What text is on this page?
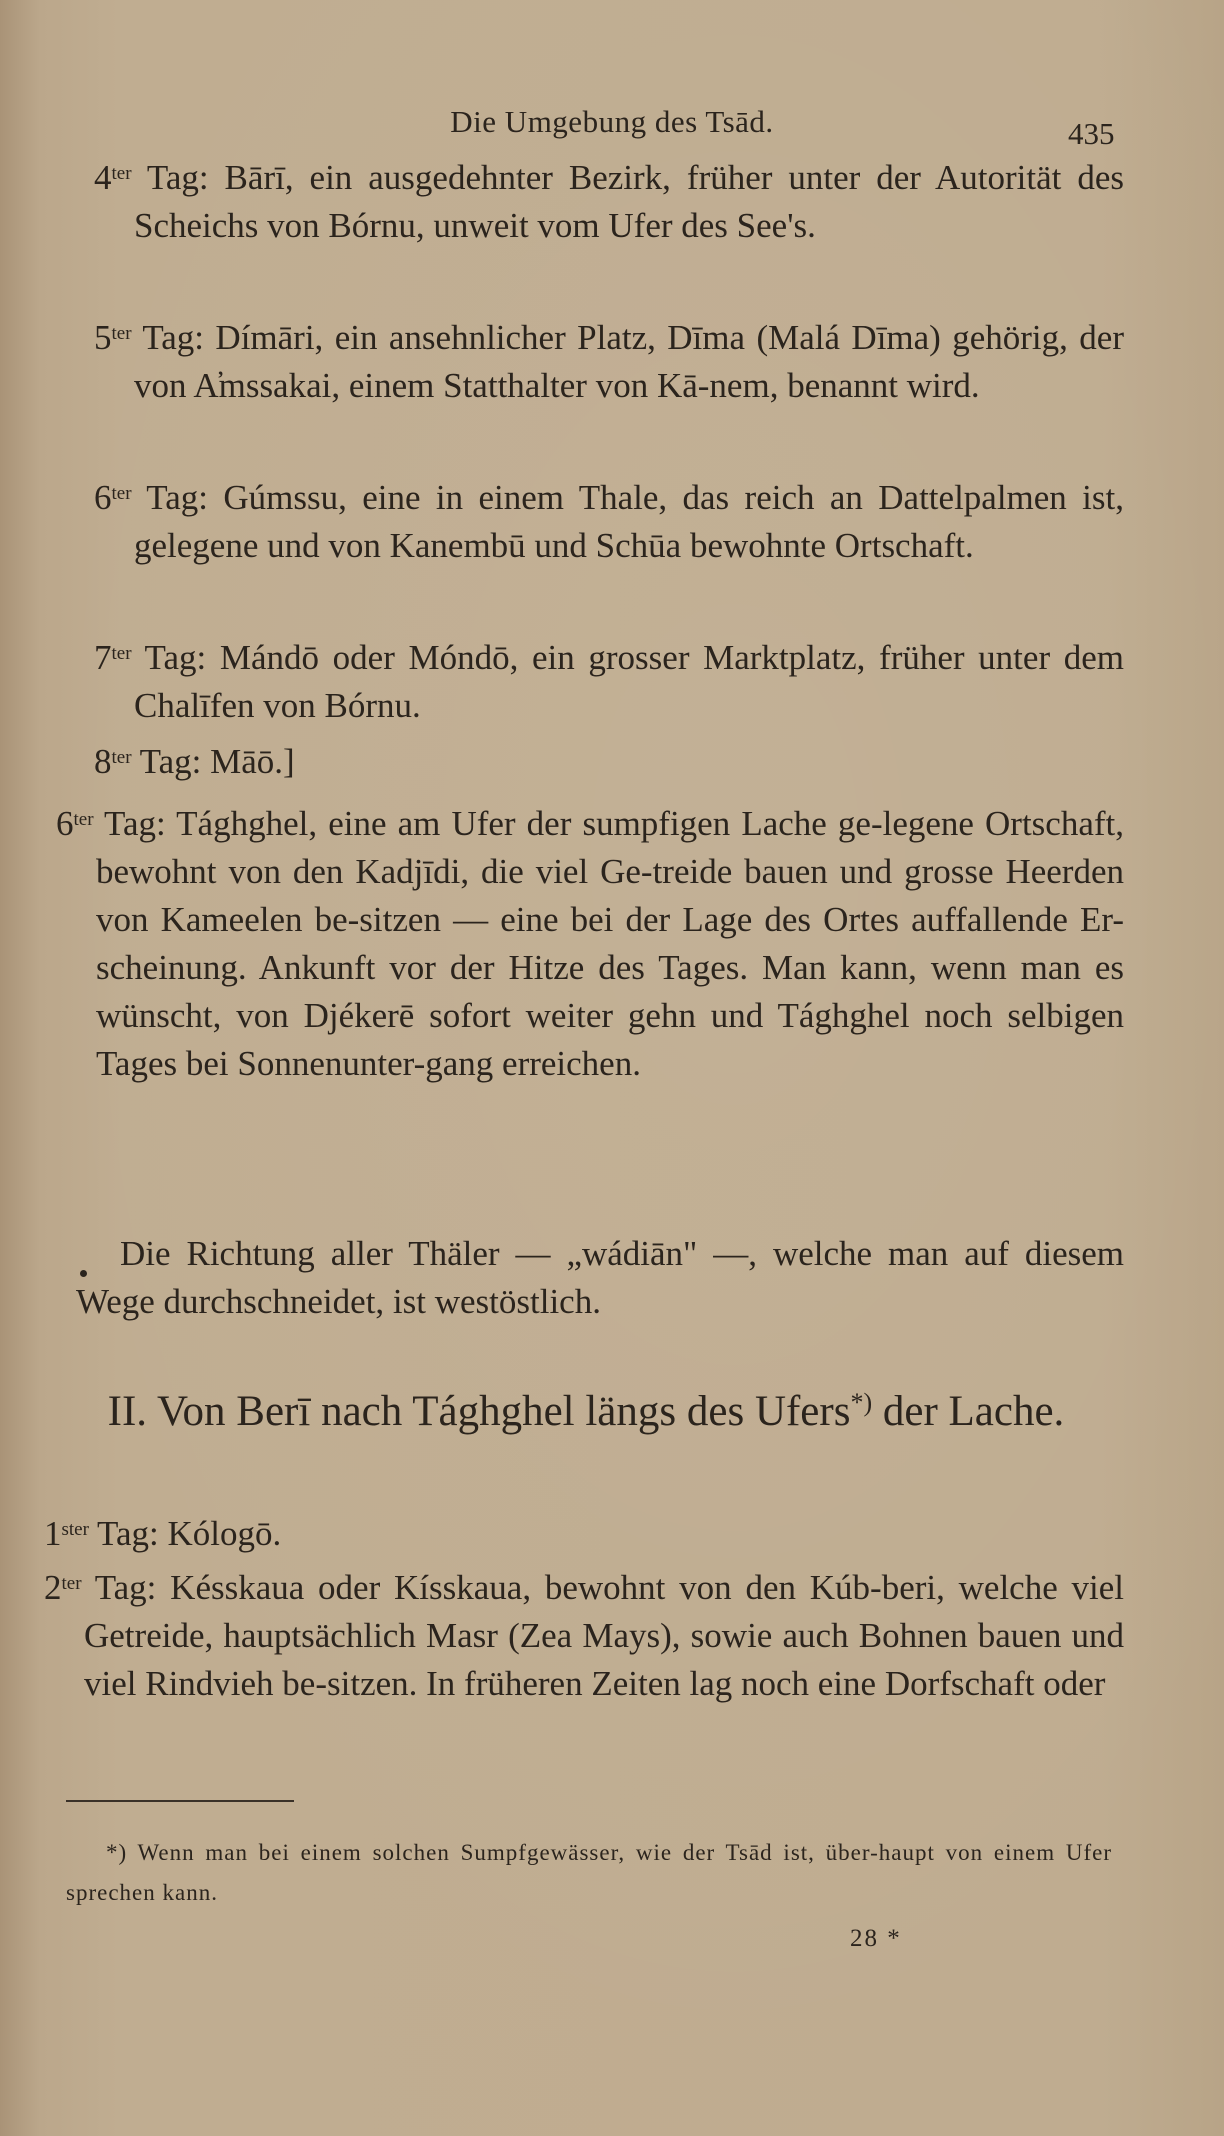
Die Umgebung des Tsād.	435

$4^{ter}$ Tag: Bārī, ein ausgedehnter Bezirk, früher unter der Autorität des Scheichs von Bórnu, unweit vom Ufer des See's.

$5^{ter}$ Tag: Dímāri, ein ansehnlicher Platz, Dīma (Malá Dīma) gehörig, der von A̕mssakai, einem Statthalter von Kā-nem, benannt wird.

$6^{ter}$ Tag: Gúmssu, eine in einem Thale, das reich an Dattelpalmen ist, gelegene und von Kanembū und Schūa bewohnte Ortschaft.

$7^{ter}$ Tag: Mándō oder Móndō, ein grosser Marktplatz, früher unter dem Chalīfen von Bórnu.

$8^{ter}$ Tag: Māō.]

$6^{ter}$ Tag: Tághghel, eine am Ufer der sumpfigen Lache ge-legene Ortschaft, bewohnt von den Kadjīdi, die viel Ge-treide bauen und grosse Heerden von Kameelen be-sitzen — eine bei der Lage des Ortes auffallende Er-scheinung. Ankunft vor der Hitze des Tages. Man kann, wenn man es wünscht, von Djékerē sofort weiter gehn und Tághghel noch selbigen Tages bei Sonnenunter-gang erreichen.

Die Richtung aller Thäler — „wádiān" —, welche man auf diesem Wege durchschneidet, ist westöstlich.

II. Von Berī nach Tághghel längs des Ufers*) der Lache.

$1^{ster}$ Tag: Kólogō.

$2^{ter}$ Tag: Késskaua oder Kísskaua, bewohnt von den Kúb-beri, welche viel Getreide, hauptsächlich Masr (Zea Mays), sowie auch Bohnen bauen und viel Rindvieh be-sitzen. In früheren Zeiten lag noch eine Dorfschaft oder

*) Wenn man bei einem solchen Sumpfgewässer, wie der Tsād ist, über-haupt von einem Ufer sprechen kann.

28 *
